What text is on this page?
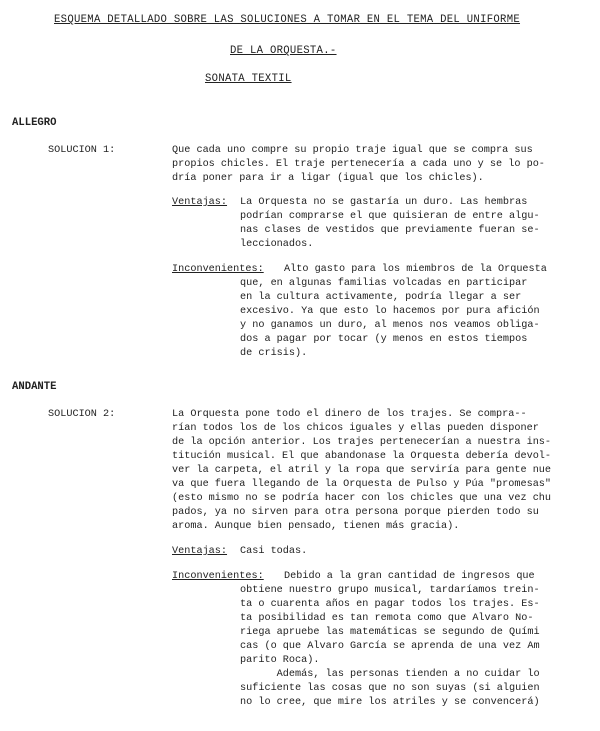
ESQUEMA DETALLADO SOBRE LAS SOLUCIONES A TOMAR EN EL TEMA DEL UNIFORME
DE LA ORQUESTA.-
SONATA TEXTIL
ALLEGRO
SOLUCION 1:	Que cada uno compre su propio traje igual que se compra sus
propios chicles. El traje pertenecería a cada uno y se lo po-
dría poner para ir a ligar (igual que los chicles).
Ventajas: La Orquesta no se gastaría un duro. Las hembras
podrían comprarse el que quisieran de entre algu-
nas clases de vestidos que previamente fueran se-
leccionados.
Inconvenientes: Alto gasto para los miembros de la Orquesta
que, en algunas familias volcadas en participar
en la cultura activamente, podría llegar a ser
excesivo. Ya que esto lo hacemos por pura afición
y no ganamos un duro, al menos nos veamos obliga-
dos a pagar por tocar (y menos en estos tiempos
de crisis).
ANDANTE
SOLUCION 2:	La Orquesta pone todo el dinero de los trajes. Se compra--
rían todos los de los chicos iguales y ellas pueden disponer
de la opción anterior. Los trajes pertenecerían a nuestra ins-
titución musical. El que abandonase la Orquesta debería devol-
ver la carpeta, el atril y la ropa que serviría para gente nue
va que fuera llegando de la Orquesta de Pulso y Púa "promesas"
(esto mismo no se podría hacer con los chicles que una vez chu
pados, ya no sirven para otra persona porque pierden todo su
aroma. Aunque bien pensado, tienen más gracia).
Ventajas: Casi todas.
Inconvenientes: Debido a la gran cantidad de ingresos que
obtiene nuestro grupo musical, tardaríamos trein-
ta o cuarenta años en pagar todos los trajes. Es-
ta posibilidad es tan remota como que Alvaro No-
riega apruebe las matemáticas se segundo de Quími
cas (o que Alvaro García se aprenda de una vez Am
parito Roca).
Además, las personas tienden a no cuidar lo
suficiente las cosas que no son suyas (si alguien
no lo cree, que mire los atriles y se convencerá)
